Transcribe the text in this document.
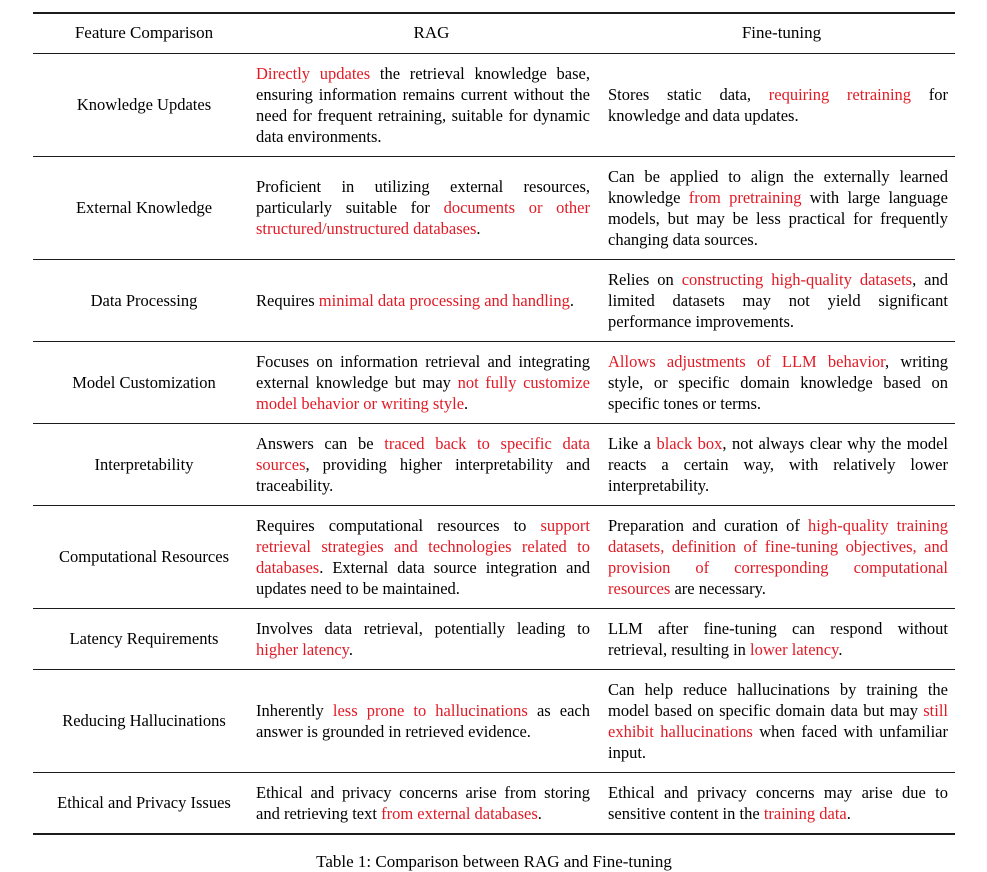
Feature Comparison	RAG	Fine-tuning
Knowledge Updates	Directly updates the retrieval knowledge base, ensuring information remains current without the need for frequent retraining, suitable for dynamic data environments.	Stores static data, requiring retraining for knowledge and data updates.
External Knowledge	Proficient in utilizing external resources, particularly suitable for documents or other structured/unstructured databases.	Can be applied to align the externally learned knowledge from pretraining with large language models, but may be less practical for frequently changing data sources.
Data Processing	Requires minimal data processing and handling.	Relies on constructing high-quality datasets, and limited datasets may not yield significant performance improvements.
Model Customization	Focuses on information retrieval and integrating external knowledge but may not fully customize model behavior or writing style.	Allows adjustments of LLM behavior, writing style, or specific domain knowledge based on specific tones or terms.
Interpretability	Answers can be traced back to specific data sources, providing higher interpretability and traceability.	Like a black box, not always clear why the model reacts a certain way, with relatively lower interpretability.
Computational Resources	Requires computational resources to support retrieval strategies and technologies related to databases. External data source integration and updates need to be maintained.	Preparation and curation of high-quality training datasets, definition of fine-tuning objectives, and provision of corresponding computational resources are necessary.
Latency Requirements	Involves data retrieval, potentially leading to higher latency.	LLM after fine-tuning can respond without retrieval, resulting in lower latency.
Reducing Hallucinations	Inherently less prone to hallucinations as each answer is grounded in retrieved evidence.	Can help reduce hallucinations by training the model based on specific domain data but may still exhibit hallucinations when faced with unfamiliar input.
Ethical and Privacy Issues	Ethical and privacy concerns arise from storing and retrieving text from external databases.	Ethical and privacy concerns may arise due to sensitive content in the training data.
Table 1: Comparison between RAG and Fine-tuning
